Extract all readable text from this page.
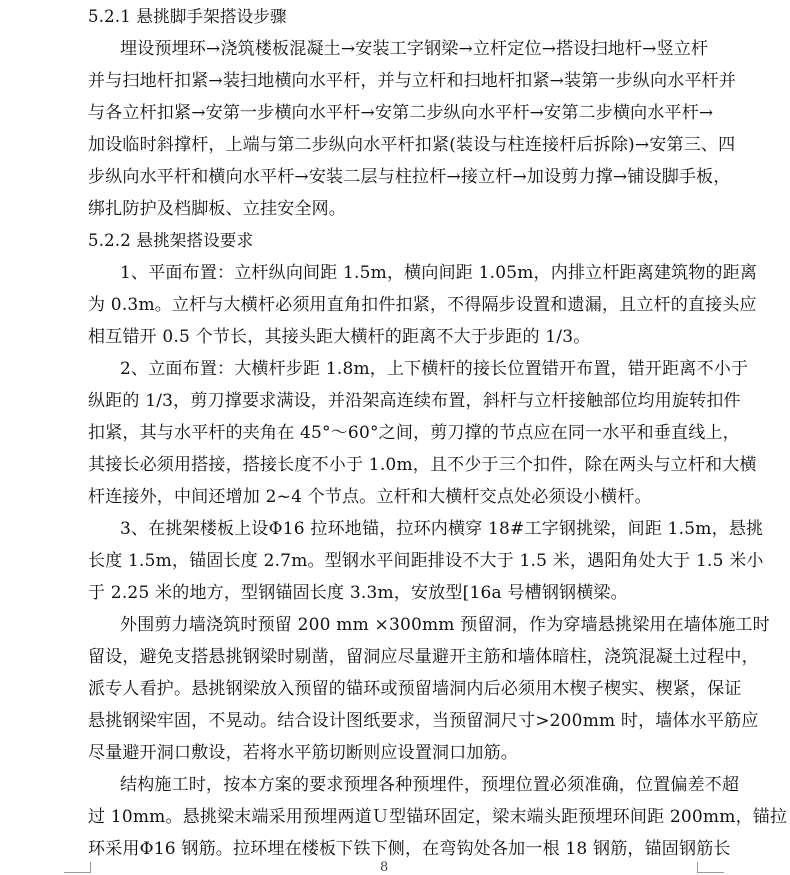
5.2.1 悬挑脚手架搭设步骤
埋设预埋环→浇筑楼板混凝土→安装工字钢梁→立杆定位→搭设扫地杆→竖立杆
并与扫地杆扣紧→装扫地横向水平杆，并与立杆和扫地杆扣紧→装第一步纵向水平杆并
与各立杆扣紧→安第一步横向水平杆→安第二步纵向水平杆→安第二步横向水平杆→
加设临时斜撑杆，上端与第二步纵向水平杆扣紧(装设与柱连接杆后拆除)→安第三、四
步纵向水平杆和横向水平杆→安装二层与柱拉杆→接立杆→加设剪力撑→铺设脚手板，
绑扎防护及档脚板、立挂安全网。
5.2.2 悬挑架搭设要求
1、平面布置：立杆纵向间距 1.5m，横向间距 1.05m，内排立杆距离建筑物的距离
为 0.3m。立杆与大横杆必须用直角扣件扣紧，不得隔步设置和遗漏，且立杆的直接头应
相互错开 0.5 个节长，其接头距大横杆的距离不大于步距的 1/3。
2、立面布置：大横杆步距 1.8m，上下横杆的接长位置错开布置，错开距离不小于
纵距的 1/3，剪刀撑要求满设，并沿架高连续布置，斜杆与立杆接触部位均用旋转扣件
扣紧，其与水平杆的夹角在 45°～60°之间，剪刀撑的节点应在同一水平和垂直线上，
其接长必须用搭接，搭接长度不小于 1.0m，且不少于三个扣件，除在两头与立杆和大横
杆连接外，中间还增加 2~4 个节点。立杆和大横杆交点处必须设小横杆。
3、在挑架楼板上设Φ16 拉环地锚，拉环内横穿 18#工字钢挑梁，间距 1.5m，悬挑
长度 1.5m，锚固长度 2.7m。型钢水平间距排设不大于 1.5 米，遇阳角处大于 1.5 米小
于 2.25 米的地方，型钢锚固长度 3.3m，安放型[16a 号槽钢钢横梁。
外围剪力墙浇筑时预留 200 mm ×300mm 预留洞，作为穿墙悬挑梁用在墙体施工时
留设，避免支搭悬挑钢梁时剔凿，留洞应尽量避开主筋和墙体暗柱，浇筑混凝土过程中，
派专人看护。悬挑钢梁放入预留的锚环或预留墙洞内后必须用木楔子楔实、楔紧，保证
悬挑钢梁牢固，不晃动。结合设计图纸要求，当预留洞尺寸>200mm 时，墙体水平筋应
尽量避开洞口敷设，若将水平筋切断则应设置洞口加筋。
结构施工时，按本方案的要求预埋各种预埋件，预埋位置必须准确，位置偏差不超
过 10mm。悬挑梁末端采用预埋两道Ｕ型锚环固定，梁末端头距预埋环间距 200mm，锚拉
环采用Φ16 钢筋。拉环埋在楼板下铁下侧，在弯钩处各加一根 18 钢筋，锚固钢筋长
8
